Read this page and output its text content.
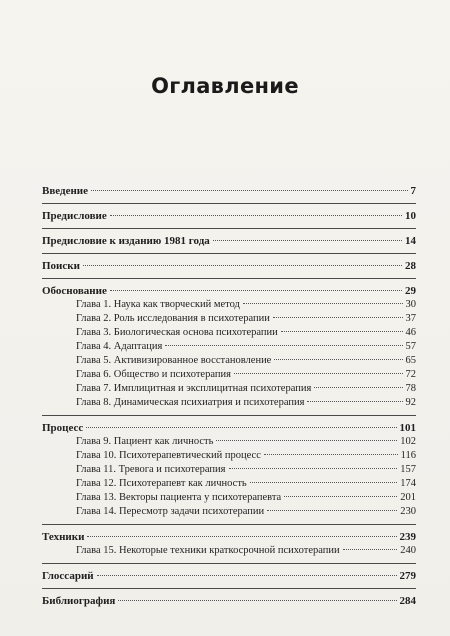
Оглавление
Введение	7
Предисловие	10
Предисловие к изданию 1981 года	14
Поиски	28
Обоснование	29
Глава 1. Наука как творческий метод	30
Глава 2. Роль исследования в психотерапии	37
Глава 3. Биологическая основа психотерапии	46
Глава 4. Адаптация	57
Глава 5. Активизированное восстановление	65
Глава 6. Общество и психотерапия	72
Глава 7. Имплицитная и эксплицитная психотерапия	78
Глава 8. Динамическая психиатрия и психотерапия	92
Процесс	101
Глава 9. Пациент как личность	102
Глава 10. Психотерапевтический процесс	116
Глава 11. Тревога и психотерапия	157
Глава 12. Психотерапевт как личность	174
Глава 13. Векторы пациента у психотерапевта	201
Глава 14. Пересмотр задачи психотерапии	230
Техники	239
Глава 15. Некоторые техники краткосрочной психотерапии	240
Глоссарий	279
Библиография	284
